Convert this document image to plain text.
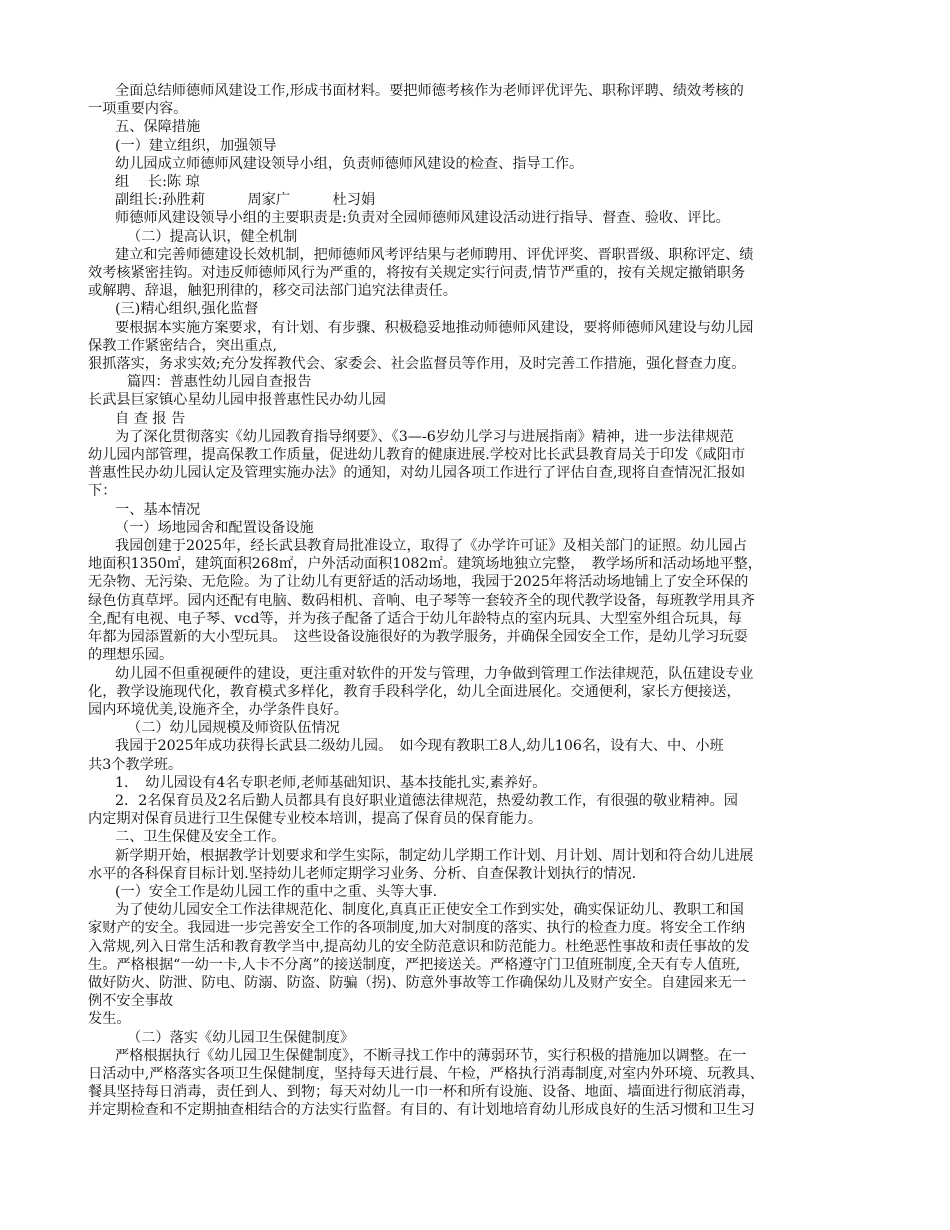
全面总结师德师风建设工作,形成书面材料。要把师德考核作为老师评优评先、职称评聘、绩效考核的
一项重要内容。
五、保障措施
(一）建立组织，加强领导
幼儿园成立师德师风建设领导小组，负责师德师风建设的检查、指导工作。
组　 长:陈 琼
副组长:孙胜莉　　　周家广　　　杜习娟
师德师风建设领导小组的主要职责是:负责对全园师德师风建设活动进行指导、督查、验收、评比。
（二）提高认识，健全机制
建立和完善师德建设长效机制，把师德师风考评结果与老师聘用、评优评奖、晋职晋级、职称评定、绩
效考核紧密挂钩。对违反师德师风行为严重的，将按有关规定实行问责,情节严重的，按有关规定撤销职务
或解聘、辞退，触犯刑律的，移交司法部门追究法律责任。
(三)精心组织,强化监督
要根据本实施方案要求，有计划、有步骤、积极稳妥地推动师德师风建设，要将师德师风建设与幼儿园
保教工作紧密结合，突出重点,
狠抓落实，务求实效;充分发挥教代会、家委会、社会监督员等作用，及时完善工作措施，强化督查力度。
篇四：普惠性幼儿园自查报告
长武县巨家镇心星幼儿园申报普惠性民办幼儿园
自 查 报 告
为了深化贯彻落实《幼儿园教育指导纲要》、《3—-6岁幼儿学习与进展指南》精神，进一步法律规范
幼儿园内部管理，提高保教工作质量，促进幼儿教育的健康进展.学校对比长武县教育局关于印发《咸阳市
普惠性民办幼儿园认定及管理实施办法》的通知，对幼儿园各项工作进行了评估自查,现将自查情况汇报如
下：
一、基本情况
（一）场地园舍和配置设备设施
我园创建于2025年，经长武县教育局批准设立，取得了《办学许可证》及相关部门的证照。幼儿园占
地面积1350㎡，建筑面积268㎡，户外活动面积1082㎡。建筑场地独立完整，　教学场所和活动场地平整，
无杂物、无污染、无危险。为了让幼儿有更舒适的活动场地，我园于2025年将活动场地铺上了安全环保的
绿色仿真草坪。园内还配有电脑、数码相机、音响、电子琴等一套较齐全的现代教学设备，每班教学用具齐
全,配有电视、电子琴、vcd等，并为孩子配备了适合于幼儿年龄特点的室内玩具、大型室外组合玩具，每
年都为园添置新的大小型玩具。　这些设备设施很好的为教学服务，并确保全园安全工作，是幼儿学习玩耍
的理想乐园。
幼儿园不但重视硬件的建设，更注重对软件的开发与管理，力争做到管理工作法律规范，队伍建设专业
化，教学设施现代化，教育模式多样化，教育手段科学化，幼儿全面进展化。交通便利，家长方便接送，
园内环境优美,设施齐全，办学条件良好。
（二）幼儿园规模及师资队伍情况
我园于2025年成功获得长武县二级幼儿园。　如今现有教职工8人,幼儿106名，设有大、中、小班
共3个教学班。
1．　幼儿园设有4名专职老师,老师基础知识、基本技能扎实,素养好。
2．2名保育员及2名后勤人员都具有良好职业道德法律规范，热爱幼教工作，有很强的敬业精神。园
内定期对保育员进行卫生保健专业校本培训，提高了保育员的保育能力。
二、卫生保健及安全工作。
新学期开始，根据教学计划要求和学生实际，制定幼儿学期工作计划、月计划、周计划和符合幼儿进展
水平的各科保育目标计划.坚持幼儿老师定期学习业务、分析、自查保教计划执行的情况.
(一）安全工作是幼儿园工作的重中之重、头等大事.
为了使幼儿园安全工作法律规范化、制度化,真真正正使安全工作到实处，确实保证幼儿、教职工和国
家财产的安全。我园进一步完善安全工作的各项制度,加大对制度的落实、执行的检查力度。将安全工作纳
入常规,列入日常生活和教育教学当中,提高幼儿的安全防范意识和防范能力。杜绝恶性事故和责任事故的发
生。严格根据“一幼一卡,人卡不分离”的接送制度，严把接送关。严格遵守门卫值班制度,全天有专人值班,
做好防火、防泄、防电、防溺、防盗、防骗（拐)、防意外事故等工作确保幼儿及财产安全。自建园来无一
例不安全事故
发生。
（二）落实《幼儿园卫生保健制度》
严格根据执行《幼儿园卫生保健制度》，不断寻找工作中的薄弱环节，实行积极的措施加以调整。在一
日活动中,严格落实各项卫生保健制度，坚持每天进行晨、午检，严格执行消毒制度,对室内外环境、玩教具、
餐具坚持每日消毒，责任到人、到物；每天对幼儿一巾一杯和所有设施、设备、地面、墙面进行彻底消毒，
并定期检查和不定期抽查相结合的方法实行监督。有目的、有计划地培育幼儿形成良好的生活习惯和卫生习
